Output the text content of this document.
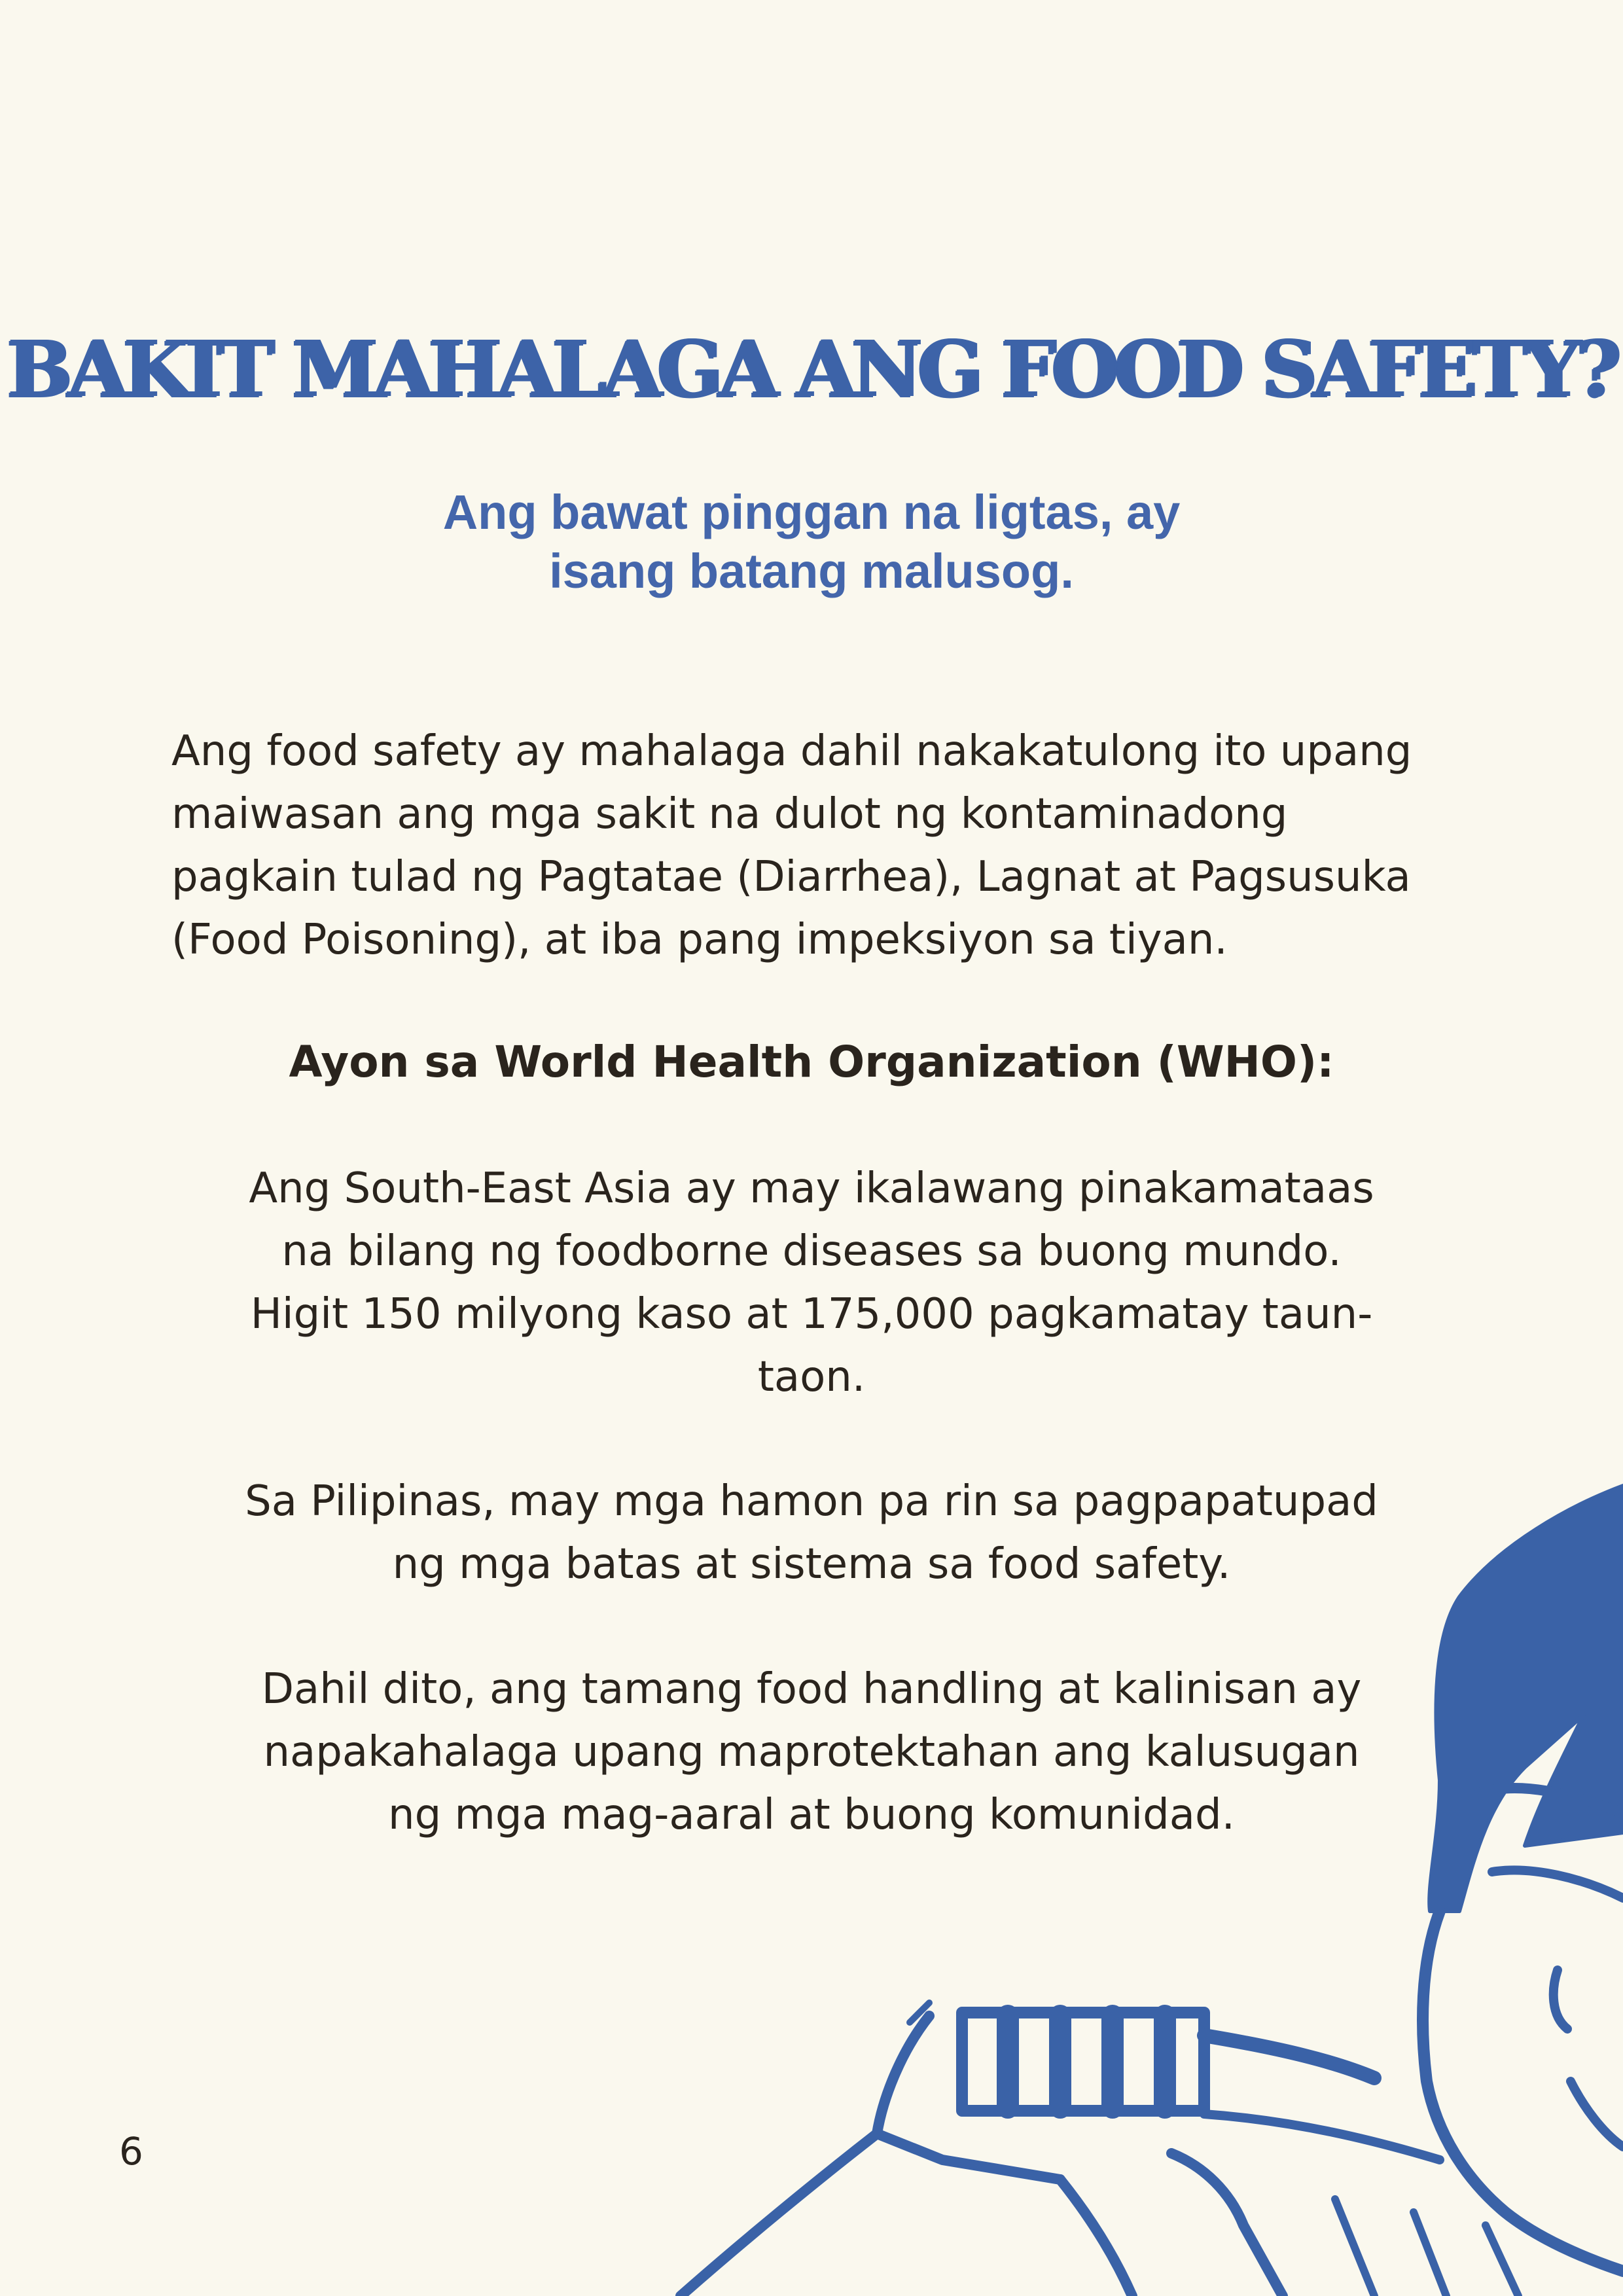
BAKIT MAHALAGA ANG FOOD SAFETY?
Ang bawat pinggan na ligtas, ay
isang batang malusog.
Ang food safety ay mahalaga dahil nakakatulong ito upang
maiwasan ang mga sakit na dulot ng kontaminadong
pagkain tulad ng Pagtatae (Diarrhea), Lagnat at Pagsusuka
(Food Poisoning), at iba pang impeksiyon sa tiyan.
Ayon sa World Health Organization (WHO):
Ang South-East Asia ay may ikalawang pinakamataas
na bilang ng foodborne diseases sa buong mundo.
Higit 150 milyong kaso at 175,000 pagkamatay taun-
taon.
Sa Pilipinas, may mga hamon pa rin sa pagpapatupad
ng mga batas at sistema sa food safety.
Dahil dito, ang tamang food handling at kalinisan ay
napakahalaga upang maprotektahan ang kalusugan
ng mga mag-aaral at buong komunidad.
6
